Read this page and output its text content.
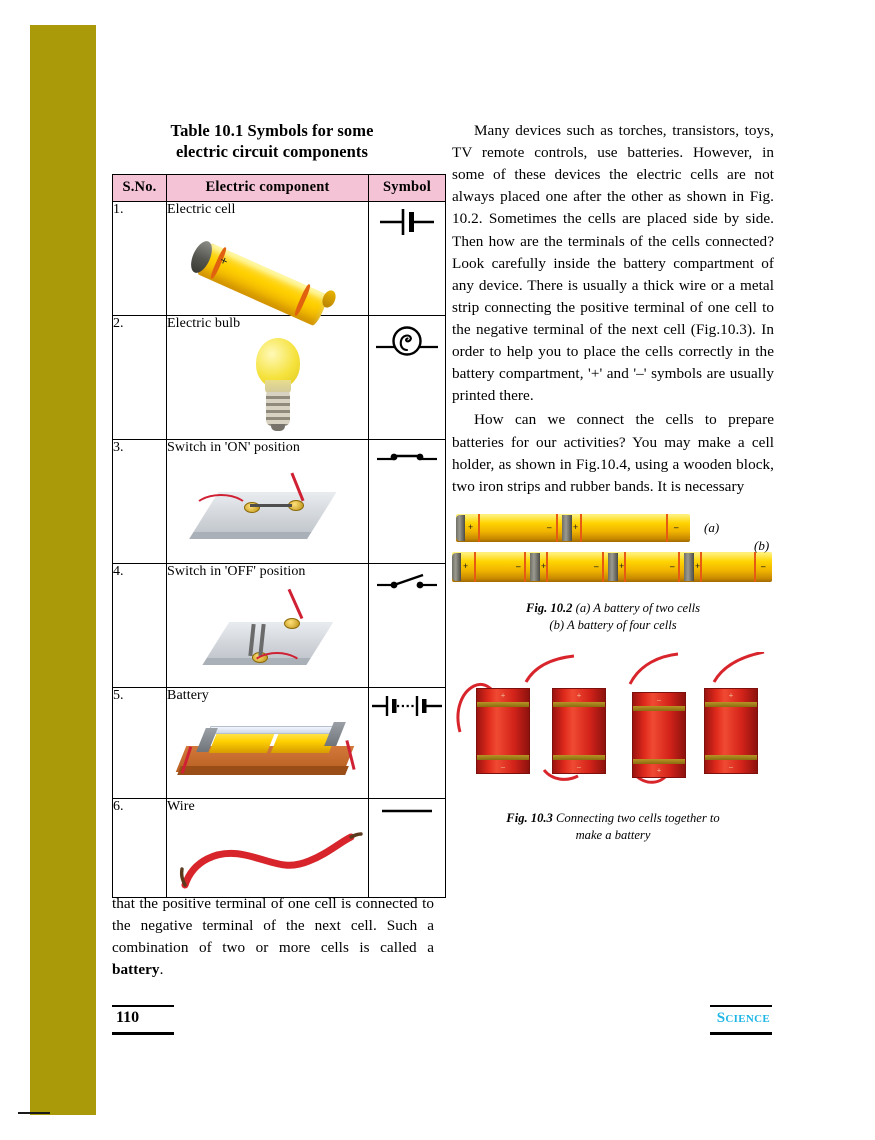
Table 10.1 Symbols for some
electric circuit components
S.No.	Electric component	Symbol
1.	Electric cell
+

2.	Electric bulb

3.	Switch in 'ON' position

4.	Switch in 'OFF' position

5.	Battery

6.	Wire

Many devices such as torches, transistors, toys, TV remote controls, use batteries. However, in some of these devices the electric cells are not always placed one after the other as shown in Fig. 10.2. Sometimes the cells are placed side by side. Then how are the terminals of the cells connected? Look carefully inside the battery compartment of any device. There is usually a thick wire or a metal strip connecting the positive terminal of one cell to the negative terminal of the next cell (Fig.10.3). In order to help you to place the cells correctly in the battery compartment, '+' and '–' symbols are usually printed there.

How can we connect the cells to prepare batteries for our activities? You may make a cell holder, as shown in Fig.10.4, using a wooden block, two iron strips and rubber bands. It is necessary

+	– +	– (a)
+	– +	– +	– +	–
(b)
Fig. 10.2 (a) A battery of two cells
(b) A battery of four cells
+
–
+
–
–
+
+
–
Fig. 10.3 Connecting two cells together to
make a battery

that the positive terminal of one cell is connected to the negative terminal of the next cell. Such a combination of two or more cells is called a battery.

110	SCIENCE
